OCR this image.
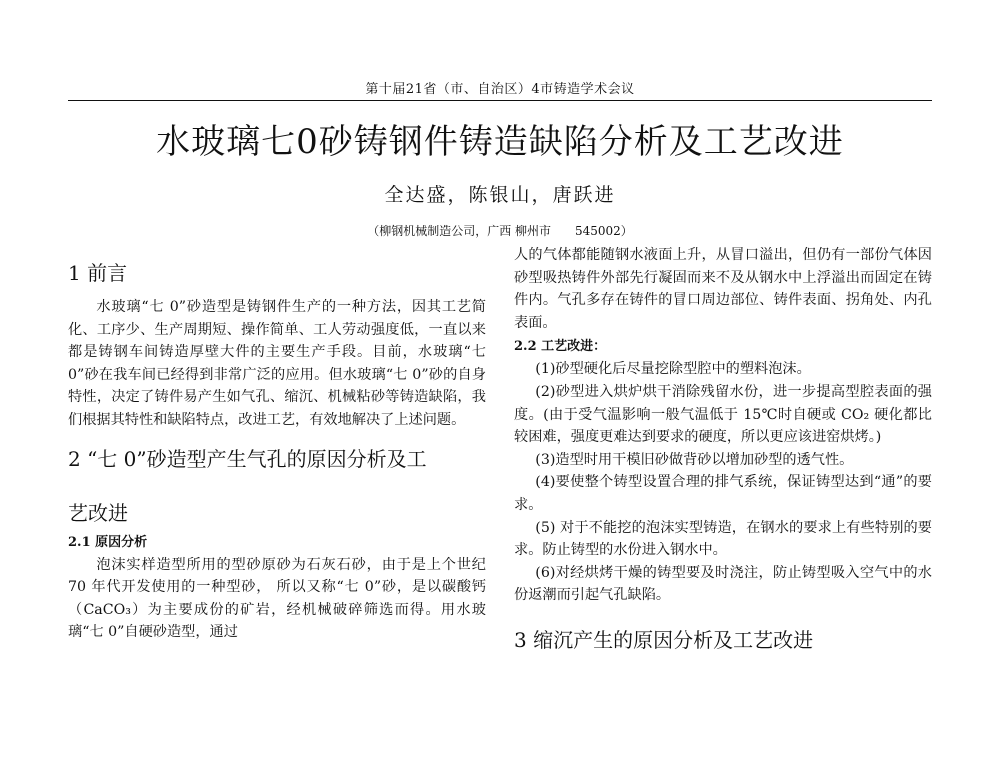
第十届21省（市、自治区）4市铸造学术会议
水玻璃七0砂铸钢件铸造缺陷分析及工艺改进
全达盛，陈银山，唐跃进
（柳钢机械制造公司，广西 柳州市　　545002）
1 前言

水玻璃“七 0”砂造型是铸钢件生产的一种方法，因其工艺简化、工序少、生产周期短、操作简单、工人劳动强度低，一直以来都是铸钢车间铸造厚壁大件的主要生产手段。目前，水玻璃“七 0”砂在我车间已经得到非常广泛的应用。但水玻璃“七 0”砂的自身特性，决定了铸件易产生如气孔、缩沉、机械粘砂等铸造缺陷，我们根据其特性和缺陷特点，改进工艺，有效地解决了上述问题。

2 “七 0”砂造型产生气孔的原因分析及工
艺改进
2.1 原因分析

泡沫实样造型所用的型砂原砂为石灰石砂，由于是上个世纪 70 年代开发使用的一种型砂， 所以又称“七 0”砂，是以碳酸钙（CaCO₃）为主要成份的矿岩，经机械破碎筛选而得。用水玻璃“七 0”自硬砂造型，通过

人的气体都能随钢水液面上升，从冒口溢出，但仍有一部份气体因砂型吸热铸件外部先行凝固而来不及从钢水中上浮溢出而固定在铸件内。气孔多存在铸件的冒口周边部位、铸件表面、拐角处、内孔表面。

2.2 工艺改进：

(1)砂型硬化后尽量挖除型腔中的塑料泡沫。

(2)砂型进入烘炉烘干消除残留水份，进一步提高型腔表面的强度。(由于受气温影响一般气温低于 15℃时自硬或 CO₂ 硬化都比较困难，强度更难达到要求的硬度，所以更应该进窑烘烤。)

(3)造型时用干模旧砂做背砂以增加砂型的透气性。

(4)要使整个铸型设置合理的排气系统，保证铸型达到“通”的要求。

(5) 对于不能挖的泡沫实型铸造，在钢水的要求上有些特别的要求。防止铸型的水份进入钢水中。

(6)对经烘烤干燥的铸型要及时浇注，防止铸型吸入空气中的水份返潮而引起气孔缺陷。

3 缩沉产生的原因分析及工艺改进
